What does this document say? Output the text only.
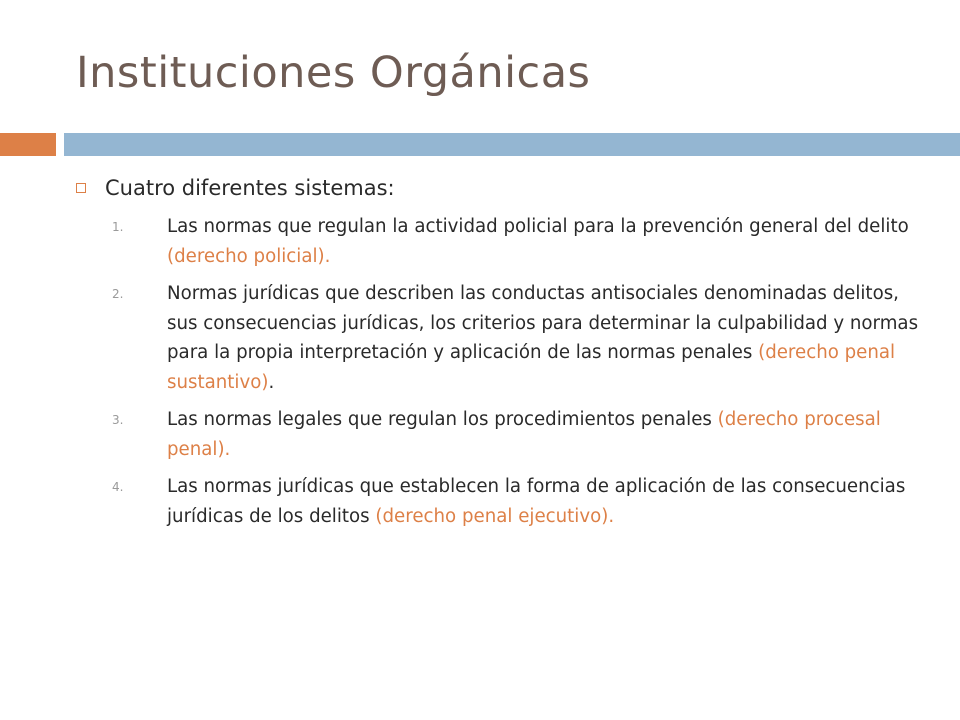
Instituciones Orgánicas
Cuatro diferentes sistemas:
1. Las normas que regulan la actividad policial para la prevención general del delito (derecho policial).
2. Normas jurídicas que describen las conductas antisociales denominadas delitos, sus consecuencias jurídicas, los criterios para determinar la culpabilidad y normas para la propia interpretación y aplicación de las normas penales (derecho penal sustantivo).
3. Las normas legales que regulan los procedimientos penales (derecho procesal penal).
4. Las normas jurídicas que establecen la forma de aplicación de las consecuencias jurídicas de los delitos (derecho penal ejecutivo).
